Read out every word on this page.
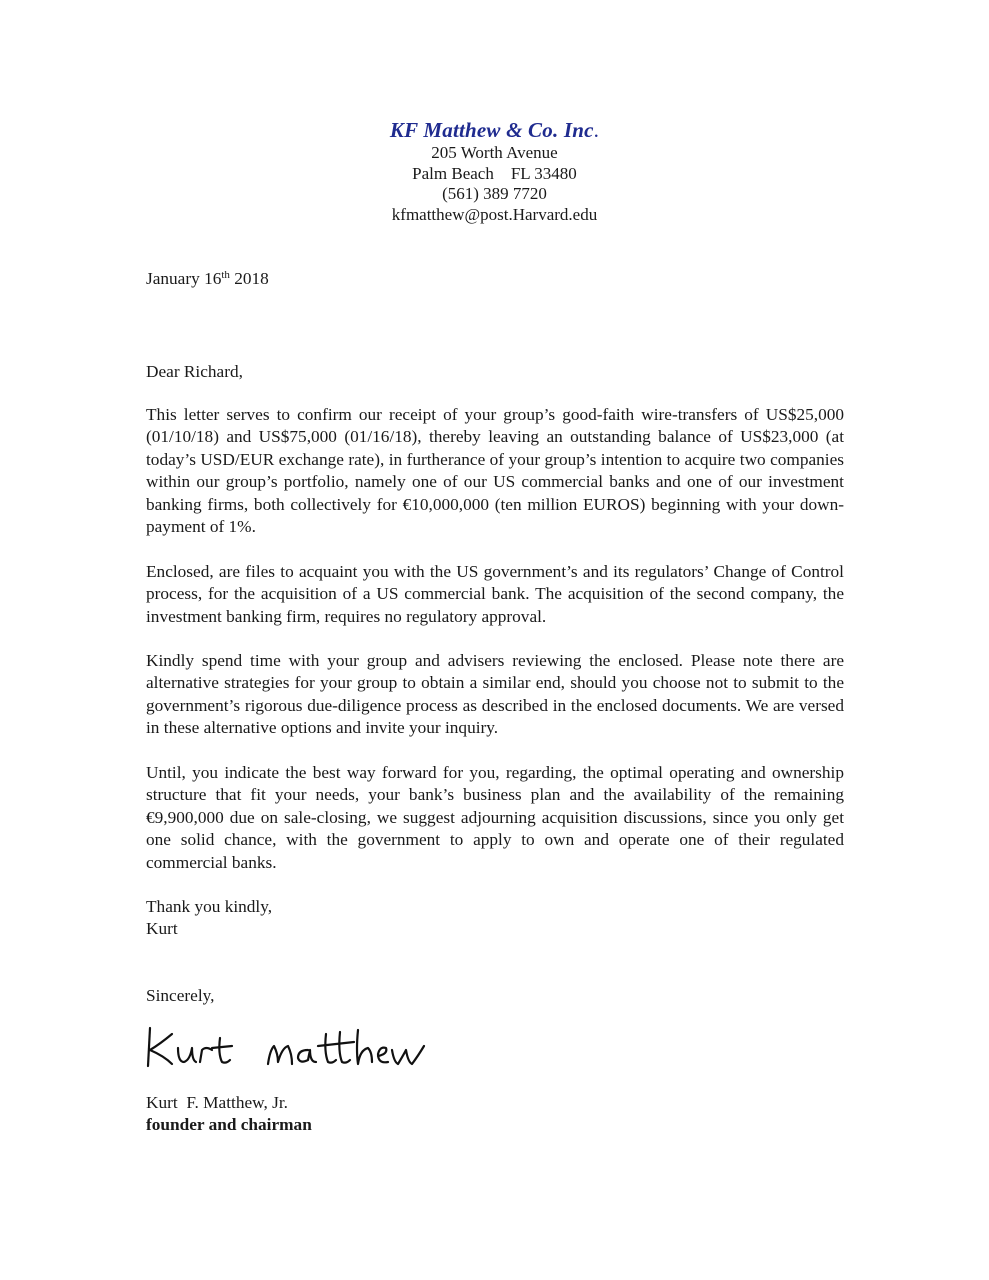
KF Matthew & Co. Inc.
205 Worth Avenue
Palm Beach    FL 33480
(561) 389 7720
kfmatthew@post.Harvard.edu
January 16th 2018
Dear Richard,
This letter serves to confirm our receipt of your group’s good-faith wire-transfers of US$25,000 (01/10/18) and US$75,000 (01/16/18), thereby leaving an outstanding balance of US$23,000 (at today’s USD/EUR exchange rate), in furtherance of your group’s intention to acquire two companies within our group’s portfolio, namely one of our US commercial banks and one of our investment banking firms, both collectively for €10,000,000 (ten million EUROS) beginning with your down-payment of 1%.
Enclosed, are files to acquaint you with the US government’s and its regulators’ Change of Control process, for the acquisition of a US commercial bank. The acquisition of the second company, the investment banking firm, requires no regulatory approval.
Kindly spend time with your group and advisers reviewing the enclosed. Please note there are alternative strategies for your group to obtain a similar end, should you choose not to submit to the government’s rigorous due-diligence process as described in the enclosed documents. We are versed in these alternative options and invite your inquiry.
Until, you indicate the best way forward for you, regarding, the optimal operating and ownership structure that fit your needs, your bank’s business plan and the availability of the remaining €9,900,000 due on sale-closing, we suggest adjourning acquisition discussions, since you only get one solid chance, with the government to apply to own and operate one of their regulated commercial banks.
Thank you kindly,
Kurt
Sincerely,
Kurt  F. Matthew, Jr.
founder and chairman
